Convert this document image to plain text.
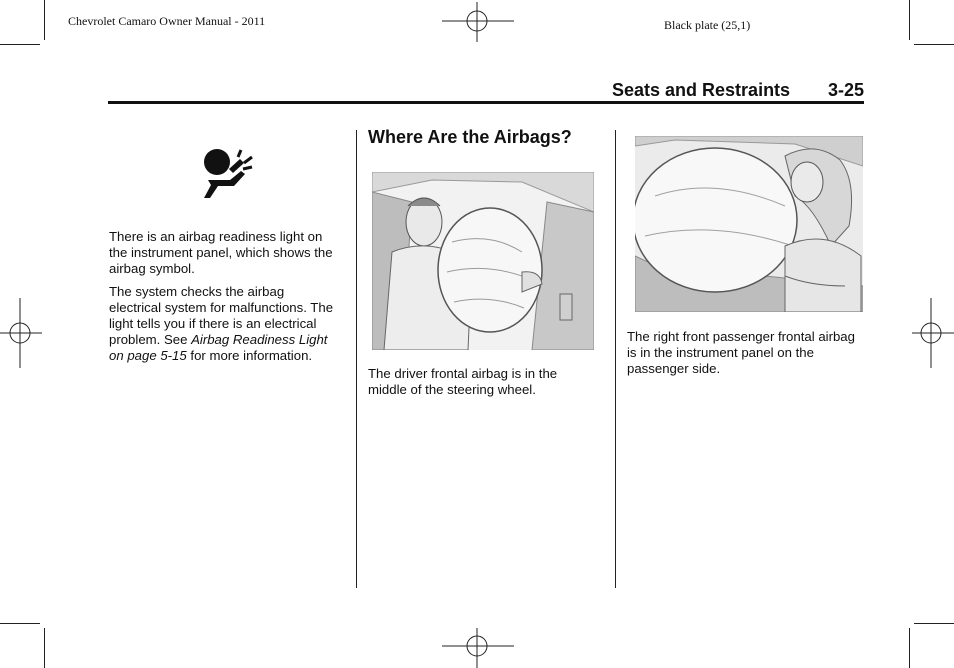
Chevrolet Camaro Owner Manual - 2011	Black plate (25,1)
Seats and Restraints 3-25
There is an airbag readiness light on the instrument panel, which shows the airbag symbol.
The system checks the airbag electrical system for malfunctions. The light tells you if there is an electrical problem. See Airbag Readiness Light on page 5-15 for more information.
Where Are the Airbags?
The driver frontal airbag is in the middle of the steering wheel.
The right front passenger frontal airbag is in the instrument panel on the passenger side.
